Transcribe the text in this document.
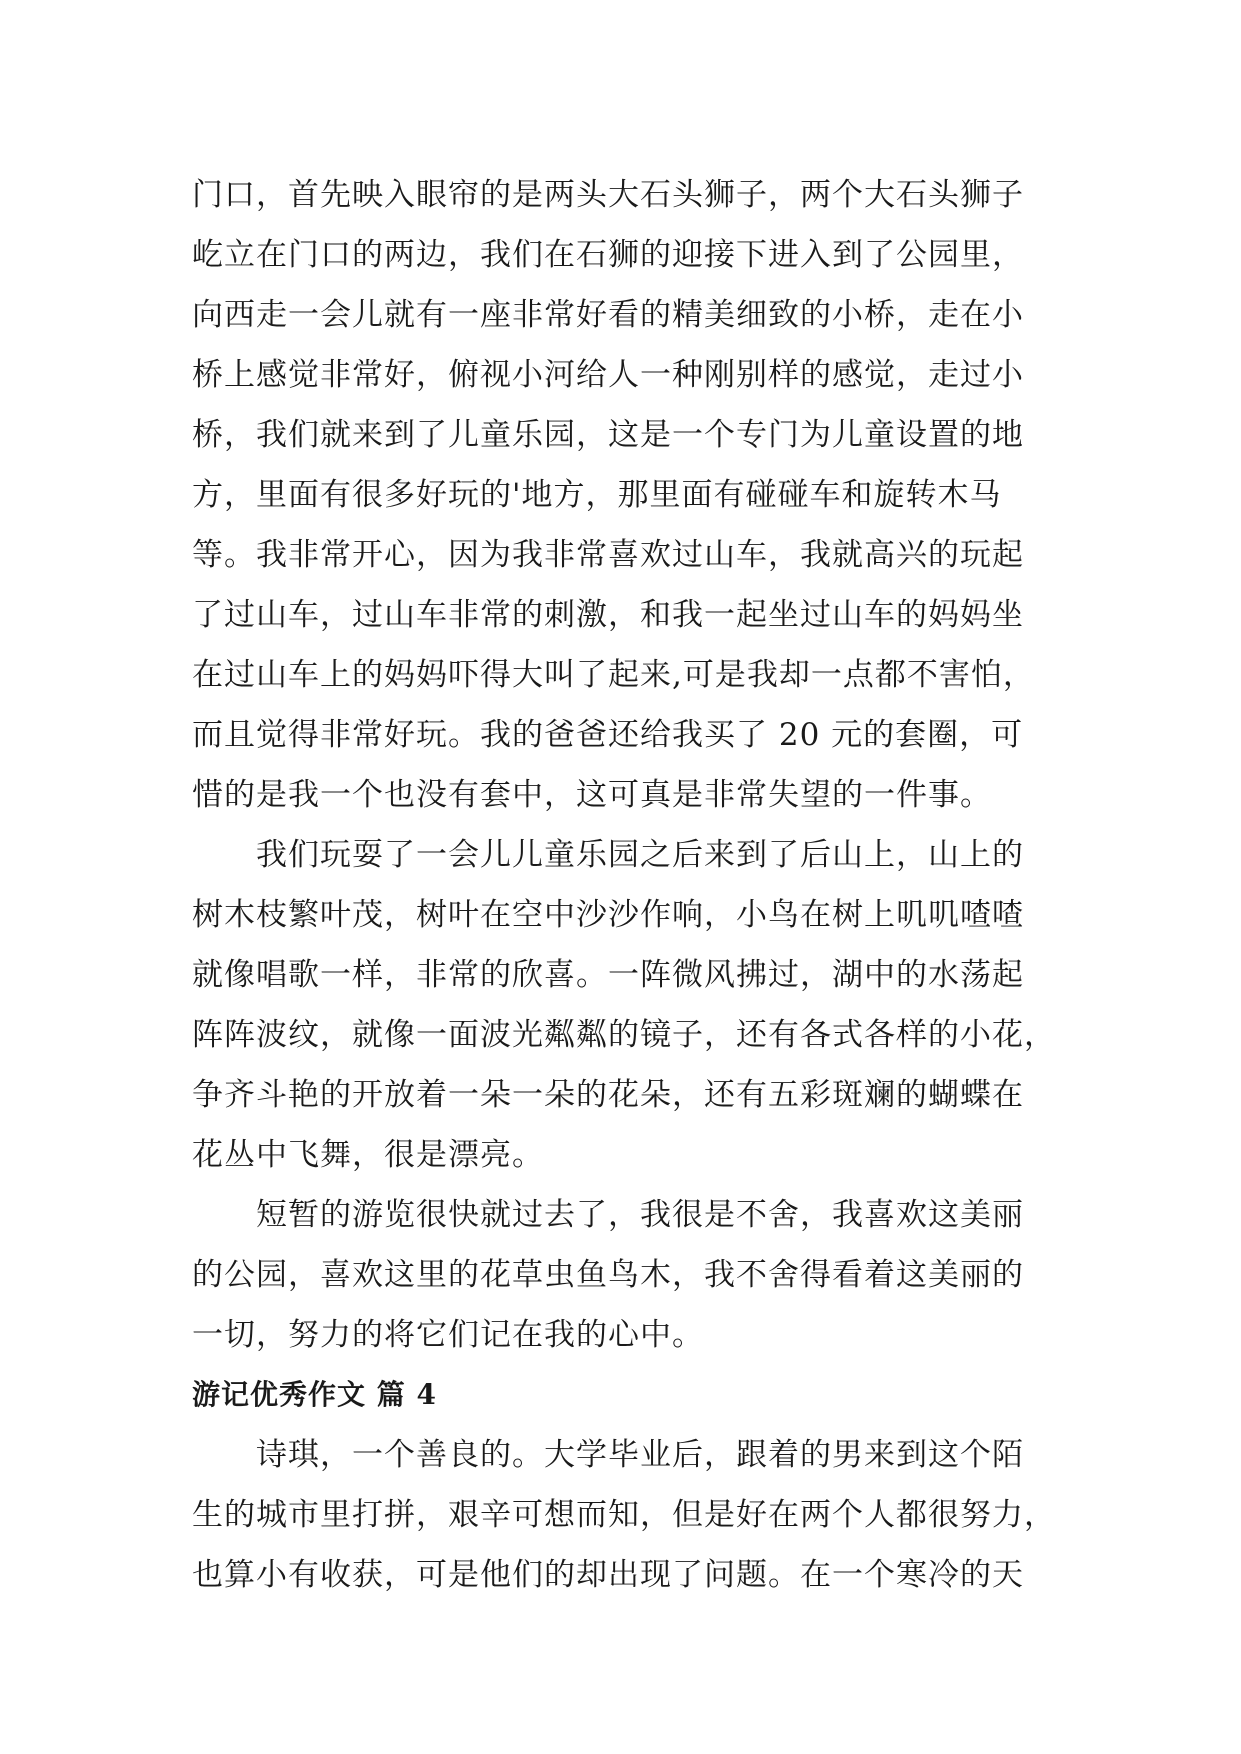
门口，首先映入眼帘的是两头大石头狮子，两个大石头狮子
屹立在门口的两边，我们在石狮的迎接下进入到了公园里，
向西走一会儿就有一座非常好看的精美细致的小桥，走在小
桥上感觉非常好，俯视小河给人一种刚别样的感觉，走过小
桥，我们就来到了儿童乐园，这是一个专门为儿童设置的地
方，里面有很多好玩的'地方，那里面有碰碰车和旋转木马
等。我非常开心，因为我非常喜欢过山车，我就高兴的玩起
了过山车，过山车非常的刺激，和我一起坐过山车的妈妈坐
在过山车上的妈妈吓得大叫了起来,可是我却一点都不害怕，
而且觉得非常好玩。我的爸爸还给我买了 20 元的套圈，可
惜的是我一个也没有套中，这可真是非常失望的一件事。

　　我们玩耍了一会儿儿童乐园之后来到了后山上，山上的
树木枝繁叶茂，树叶在空中沙沙作响，小鸟在树上叽叽喳喳
就像唱歌一样，非常的欣喜。一阵微风拂过，湖中的水荡起
阵阵波纹，就像一面波光粼粼的镜子，还有各式各样的小花，
争齐斗艳的开放着一朵一朵的花朵，还有五彩斑斓的蝴蝶在
花丛中飞舞，很是漂亮。

　　短暂的游览很快就过去了，我很是不舍，我喜欢这美丽
的公园，喜欢这里的花草虫鱼鸟木，我不舍得看着这美丽的
一切，努力的将它们记在我的心中。

游记优秀作文 篇 4

　　诗琪，一个善良的。大学毕业后，跟着的男来到这个陌
生的城市里打拼，艰辛可想而知，但是好在两个人都很努力，
也算小有收获，可是他们的却出现了问题。在一个寒冷的天
